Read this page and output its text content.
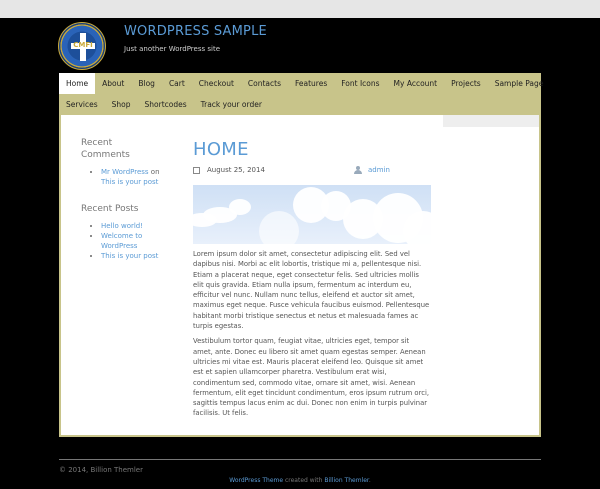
CMFI
WORDPRESS SAMPLE
Just another WordPress site
Home	About	Blog	Cart	Checkout	Contacts	Features	Font Icons	My Account	Projects	Sample Page
Services	Shop	Shortcodes	Track your order
Recent Comments
• Mr WordPress on This is your post
Recent Posts
• Hello world!
• Welcome to WordPress
• This is your post
HOME
August 25, 2014	admin

Lorem ipsum dolor sit amet, consectetur adipiscing elit. Sed vel dapibus nisi. Morbi ac elit lobortis, tristique mi a, pellentesque nisi. Etiam a placerat neque, eget consectetur felis. Sed ultricies mollis elit quis gravida. Etiam nulla ipsum, fermentum ac interdum eu, efficitur vel nunc. Nullam nunc tellus, eleifend et auctor sit amet, maximus eget neque. Fusce vehicula faucibus euismod. Pellentesque habitant morbi tristique senectus et netus et malesuada fames ac turpis egestas.

Vestibulum tortor quam, feugiat vitae, ultricies eget, tempor sit amet, ante. Donec eu libero sit amet quam egestas semper. Aenean ultricies mi vitae est. Mauris placerat eleifend leo. Quisque sit amet est et sapien ullamcorper pharetra. Vestibulum erat wisi, condimentum sed, commodo vitae, ornare sit amet, wisi. Aenean fermentum, elit eget tincidunt condimentum, eros ipsum rutrum orci, sagittis tempus lacus enim ac dui. Donec non enim in turpis pulvinar facilisis. Ut felis.

© 2014, Billion Themler
WordPress Theme created with Billion Themler.
